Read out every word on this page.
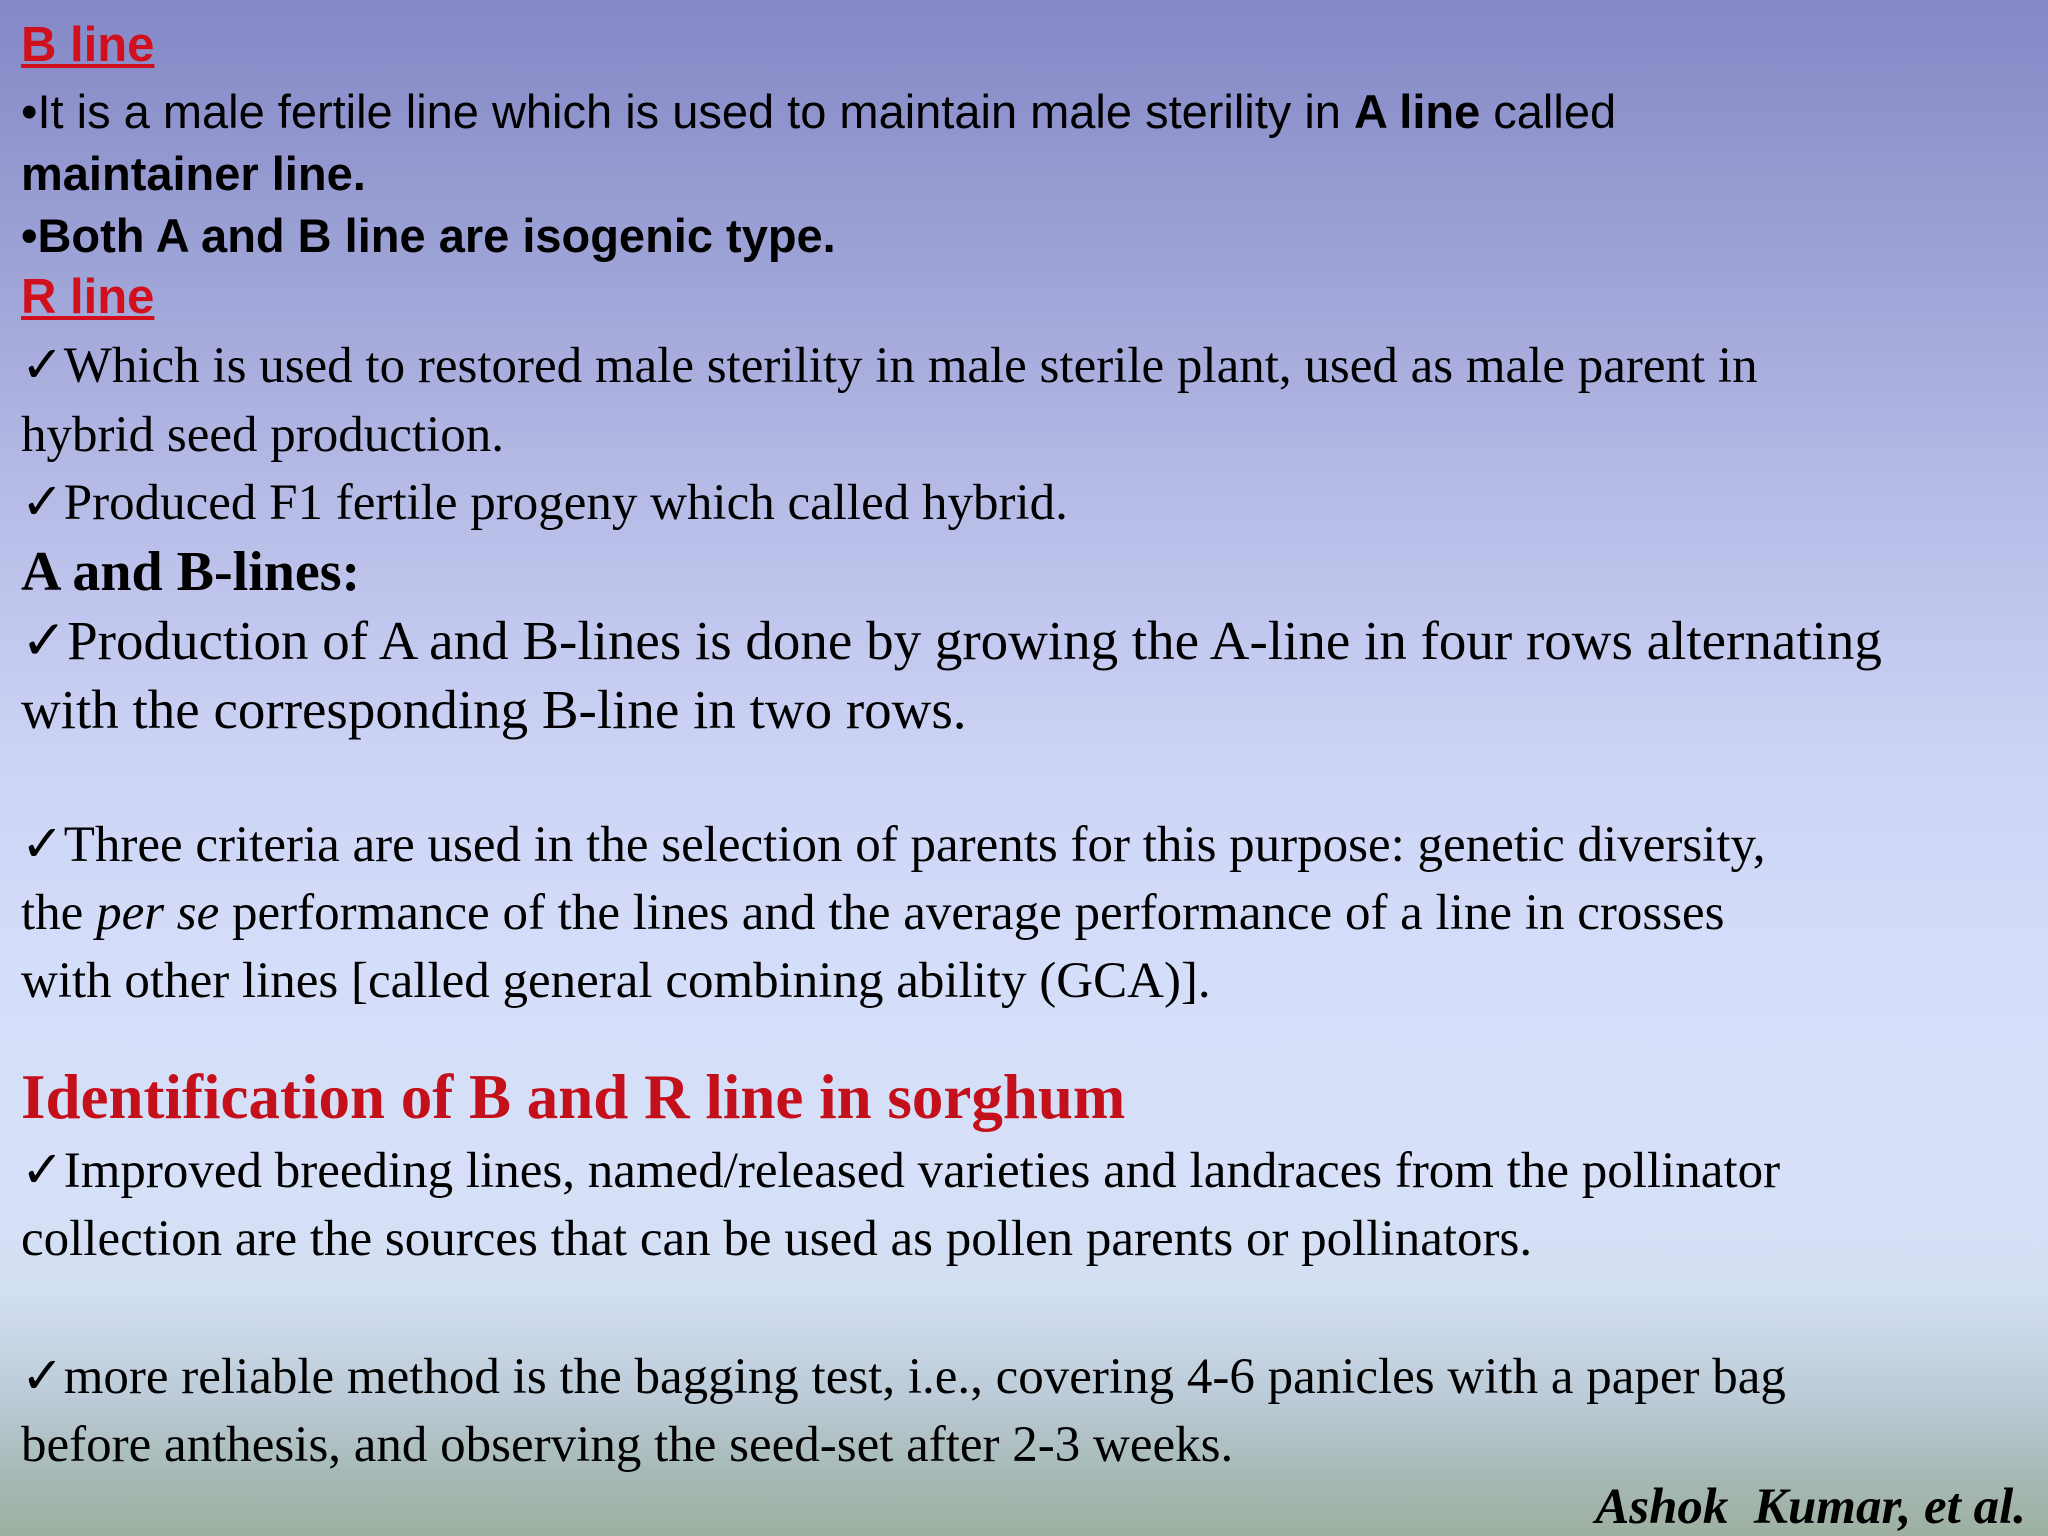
B line
•It is a male fertile line which is used to maintain male sterility in A line called
maintainer line.
•Both A and B line are isogenic type.
R line
✓Which is used to restored male sterility in male sterile plant, used as male parent in
hybrid seed production.
✓Produced F1 fertile progeny which called hybrid.
A and B-lines:
✓Production of A and B-lines is done by growing the A-line in four rows alternating
with the corresponding B-line in two rows.
✓Three criteria are used in the selection of parents for this purpose: genetic diversity,
the per se performance of the lines and the average performance of a line in crosses
with other lines [called general combining ability (GCA)].
Identification of B and R line in sorghum
✓Improved breeding lines, named/released varieties and landraces from the pollinator
collection are the sources that can be used as pollen parents or pollinators.
✓more reliable method is the bagging test, i.e., covering 4-6 panicles with a paper bag
before anthesis, and observing the seed-set after 2-3 weeks.
Ashok  Kumar, et al.
